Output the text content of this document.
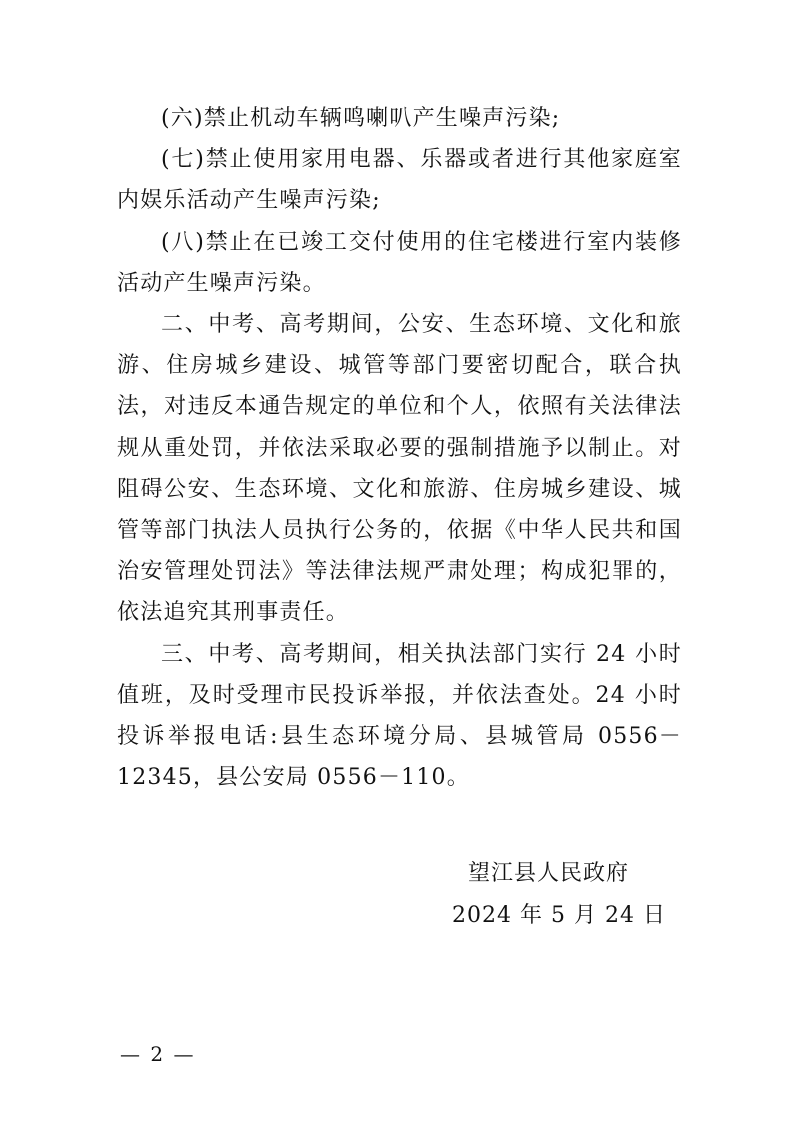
(六)禁止机动车辆鸣喇叭产生噪声污染;

(七)禁止使用家用电器、乐器或者进行其他家庭室内娱乐活动产生噪声污染;

(八)禁止在已竣工交付使用的住宅楼进行室内装修活动产生噪声污染。

二、中考、高考期间，公安、生态环境、文化和旅游、住房城乡建设、城管等部门要密切配合，联合执法，对违反本通告规定的单位和个人，依照有关法律法规从重处罚，并依法采取必要的强制措施予以制止。对阻碍公安、生态环境、文化和旅游、住房城乡建设、城管等部门执法人员执行公务的，依据《中华人民共和国治安管理处罚法》等法律法规严肃处理；构成犯罪的，依法追究其刑事责任。

三、中考、高考期间，相关执法部门实行 24 小时值班，及时受理市民投诉举报，并依法查处。24 小时投诉举报电话:县生态环境分局、县城管局 0556－12345，县公安局 0556－110。

望江县人民政府
2024 年 5 月 24 日
— 2 —
